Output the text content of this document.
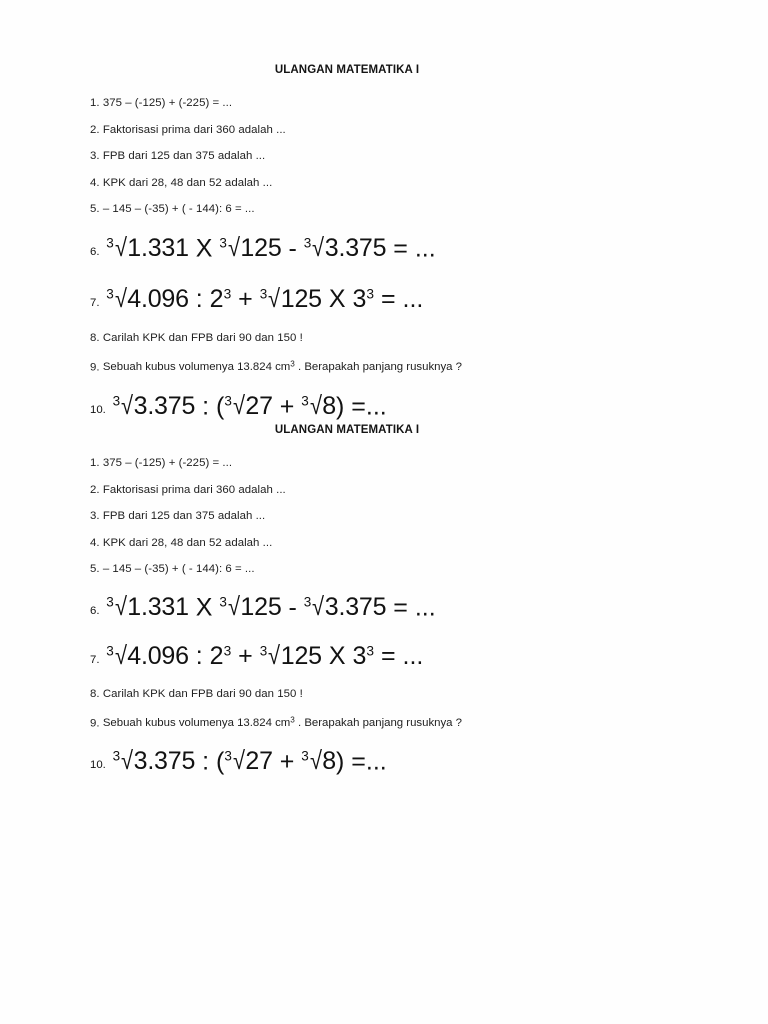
ULANGAN MATEMATIKA I
1. 375 – (-125) + (-225) = ...
2. Faktorisasi prima dari 360 adalah ...
3. FPB dari 125 dan 375 adalah ...
4. KPK dari 28, 48 dan 52 adalah ...
5. – 145 – (-35) + ( - 144): 6 = ...
6. $^3$√1.331 X $^3$√125 - $^3$√3.375 = ...
7. $^3$√4.096 : $2^3 + ^3√125$ X $3^3$ = ...
8. Carilah KPK dan FPB dari 90 dan 150 !
9. Sebuah kubus volumenya 13.824 $cm^3$ . Berapakah panjang rusuknya ?
10. $^3$√3.375 : ($^3$√27 + $^3$√8) =...
ULANGAN MATEMATIKA I
1. 375 – (-125) + (-225) = ...
2. Faktorisasi prima dari 360 adalah ...
3. FPB dari 125 dan 375 adalah ...
4. KPK dari 28, 48 dan 52 adalah ...
5. – 145 – (-35) + ( - 144): 6 = ...
6. $^3$√1.331 X $^3$√125 - $^3$√3.375 = ...
7. $^3$√4.096 : $2^3 + ^3√125$ X $3^3$ = ...
8. Carilah KPK dan FPB dari 90 dan 150 !
9. Sebuah kubus volumenya 13.824 $cm^3$ . Berapakah panjang rusuknya ?
10. $^3$√3.375 : ($^3$√27 + $^3$√8) =...
